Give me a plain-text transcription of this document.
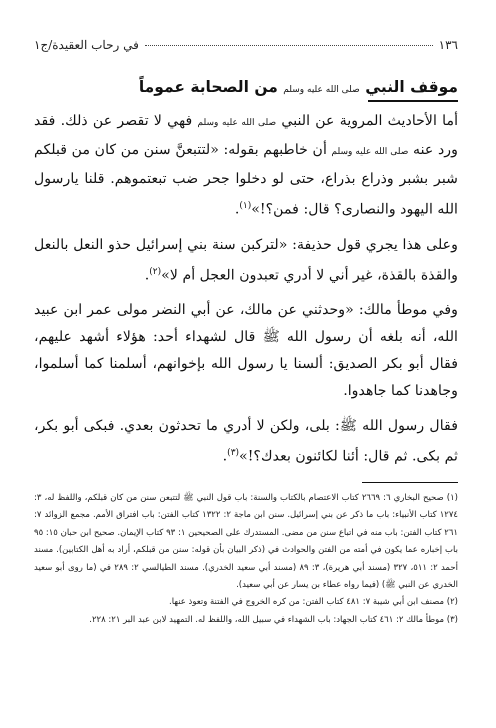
١٣٦
في رحاب العقيدة/ج١
موقف النبي صلى الله عليه وسلم من الصحابة عموماً

أما الأحاديث المروية عن النبي صلى الله عليه وسلم فهي لا تقصر عن ذلك. فقد ورد عنه صلى الله عليه وسلم أن خاطبهم بقوله: «لتتبعنَّ سنن من كان من قبلكم شبر بشبر وذراع بذراع، حتى لو دخلوا جحر ضب تبعتموهم. قلنا يارسول الله اليهود والنصارى؟ قال: فمن؟!»$^{(١)}$.

وعلى هذا يجري قول حذيفة: «لتركبن سنة بني إسرائيل حذو النعل بالنعل والقذة بالقذة، غير أني لا أدري تعبدون العجل أم لا»$^{(٢)}$.

وفي موطأ مالك: «وحدثني عن مالك، عن أبي النضر مولى عمر ابن عبيد الله، أنه بلغه أن رسول الله ﷺ قال لشهداء أحد: هؤلاء أشهد عليهم، فقال أبو بكر الصديق: ألسنا يا رسول الله بإخوانهم، أسلمنا كما أسلموا، وجاهدنا كما جاهدوا.

فقال رسول الله ﷺ: بلى، ولكن لا أدري ما تحدثون بعدي. فبكى أبو بكر، ثم بكى. ثم قال: أئنا لكائنون بعدك؟!»$^{(٣)}$.

(١) صحيح البخاري ٦: ٢٦٦٩ كتاب الاعتصام بالكتاب والسنة: باب قول النبي ﷺ لتتبعن سنن من كان قبلكم، واللفظ له، ٣: ١٢٧٤ كتاب الأنبياء: باب ما ذكر عن بني إسرائيل. سنن ابن ماجة ٢: ١٣٢٢ كتاب الفتن: باب افتراق الأمم. مجمع الزوائد ٧: ٢٦١ كتاب الفتن: باب منه في اتباع سنن من مضى. المستدرك على الصحيحين ١: ٩٣ كتاب الإيمان. صحيح ابن حبان ١٥: ٩٥ باب إخباره عما يكون في أمته من الفتن والحوادث في (ذكر البيان بأن قوله: سنن من قبلكم، أراد به أهل الكتابين). مسند أحمد ٢: ٥١١، ٣٢٧ (مسند أبي هريرة)، ٣: ٨٩ (مسند أبي سعيد الخدري). مسند الطيالسي ٢: ٢٨٩ في (ما روى أبو سعيد الخدري عن النبي ﷺ) (فيما رواه عطاء بن يسار عن أبي سعيد).

(٢) مصنف ابن أبي شيبة ٧: ٤٨١ كتاب الفتن: من كره الخروج في الفتنة وتعوذ عنها.

(٣) موطأ مالك ٢: ٤٦١ كتاب الجهاد: باب الشهداء في سبيل الله، واللفظ له. التمهيد لابن عبد البر ٢١: ٢٢٨.
